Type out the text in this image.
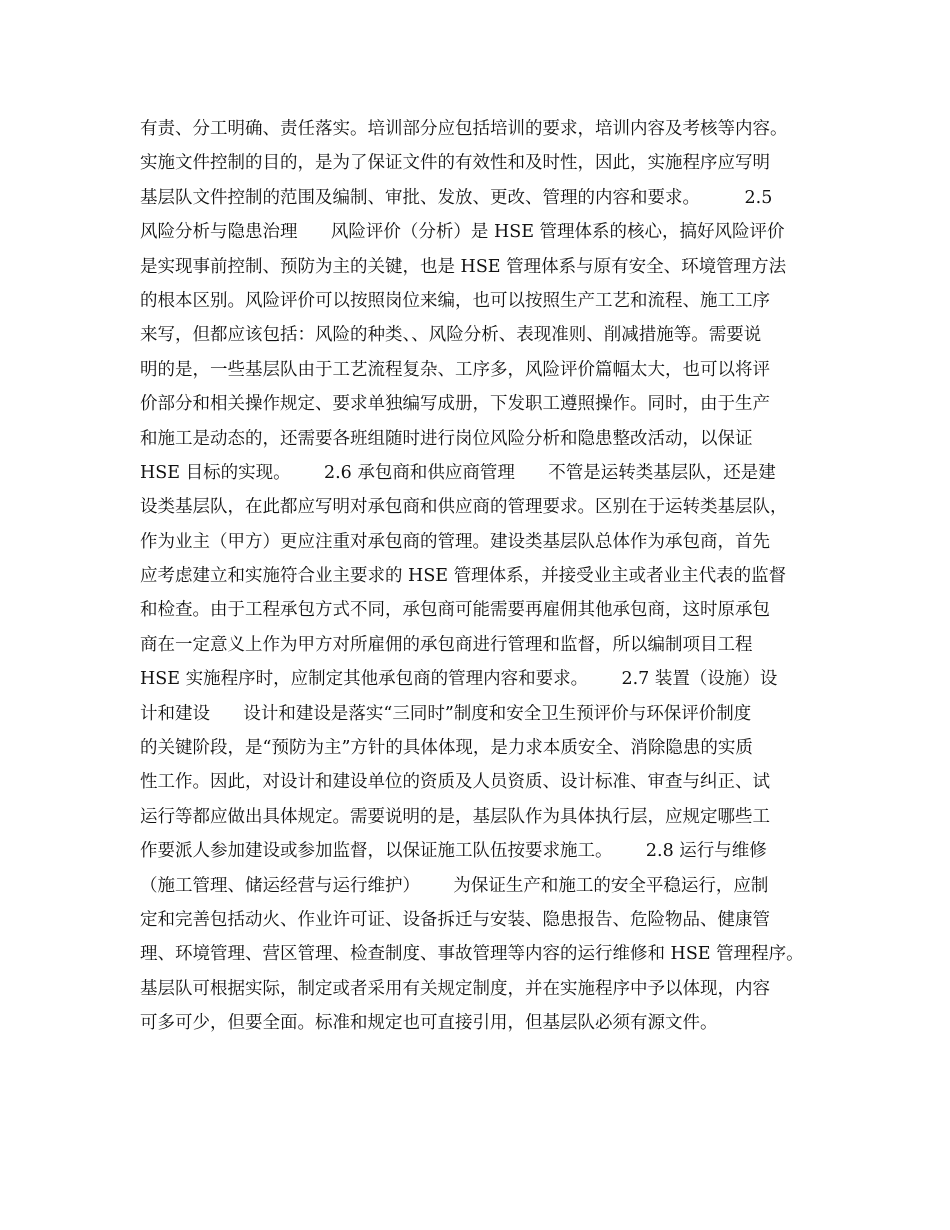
有责、分工明确、责任落实。培训部分应包括培训的要求，培训内容及考核等内容。
实施文件控制的目的，是为了保证文件的有效性和及时性，因此，实施程序应写明
基层队文件控制的范围及编制、审批、发放、更改、管理的内容和要求。        2.5
风险分析与隐患治理      风险评价（分析）是 HSE 管理体系的核心，搞好风险评价
是实现事前控制、预防为主的关键，也是 HSE 管理体系与原有安全、环境管理方法
的根本区别。风险评价可以按照岗位来编，也可以按照生产工艺和流程、施工工序
来写，但都应该包括：风险的种类、、风险分析、表现准则、削减措施等。需要说
明的是，一些基层队由于工艺流程复杂、工序多，风险评价篇幅太大，也可以将评
价部分和相关操作规定、要求单独编写成册，下发职工遵照操作。同时，由于生产
和施工是动态的，还需要各班组随时进行岗位风险分析和隐患整改活动，以保证
HSE 目标的实现。      2.6 承包商和供应商管理      不管是运转类基层队，还是建
设类基层队，在此都应写明对承包商和供应商的管理要求。区别在于运转类基层队，
作为业主（甲方）更应注重对承包商的管理。建设类基层队总体作为承包商，首先
应考虑建立和实施符合业主要求的 HSE 管理体系，并接受业主或者业主代表的监督
和检查。由于工程承包方式不同，承包商可能需要再雇佣其他承包商，这时原承包
商在一定意义上作为甲方对所雇佣的承包商进行管理和监督，所以编制项目工程
HSE 实施程序时，应制定其他承包商的管理内容和要求。      2.7 装置（设施）设
计和建设      设计和建设是落实“三同时”制度和安全卫生预评价与环保评价制度
的关键阶段，是“预防为主”方针的具体体现，是力求本质安全、消除隐患的实质
性工作。因此，对设计和建设单位的资质及人员资质、设计标准、审查与纠正、试
运行等都应做出具体规定。需要说明的是，基层队作为具体执行层，应规定哪些工
作要派人参加建设或参加监督，以保证施工队伍按要求施工。      2.8 运行与维修
（施工管理、储运经营与运行维护）      为保证生产和施工的安全平稳运行，应制
定和完善包括动火、作业许可证、设备拆迁与安装、隐患报告、危险物品、健康管
理、环境管理、营区管理、检查制度、事故管理等内容的运行维修和 HSE 管理程序。
基层队可根据实际，制定或者采用有关规定制度，并在实施程序中予以体现，内容
可多可少，但要全面。标准和规定也可直接引用，但基层队必须有源文件。
